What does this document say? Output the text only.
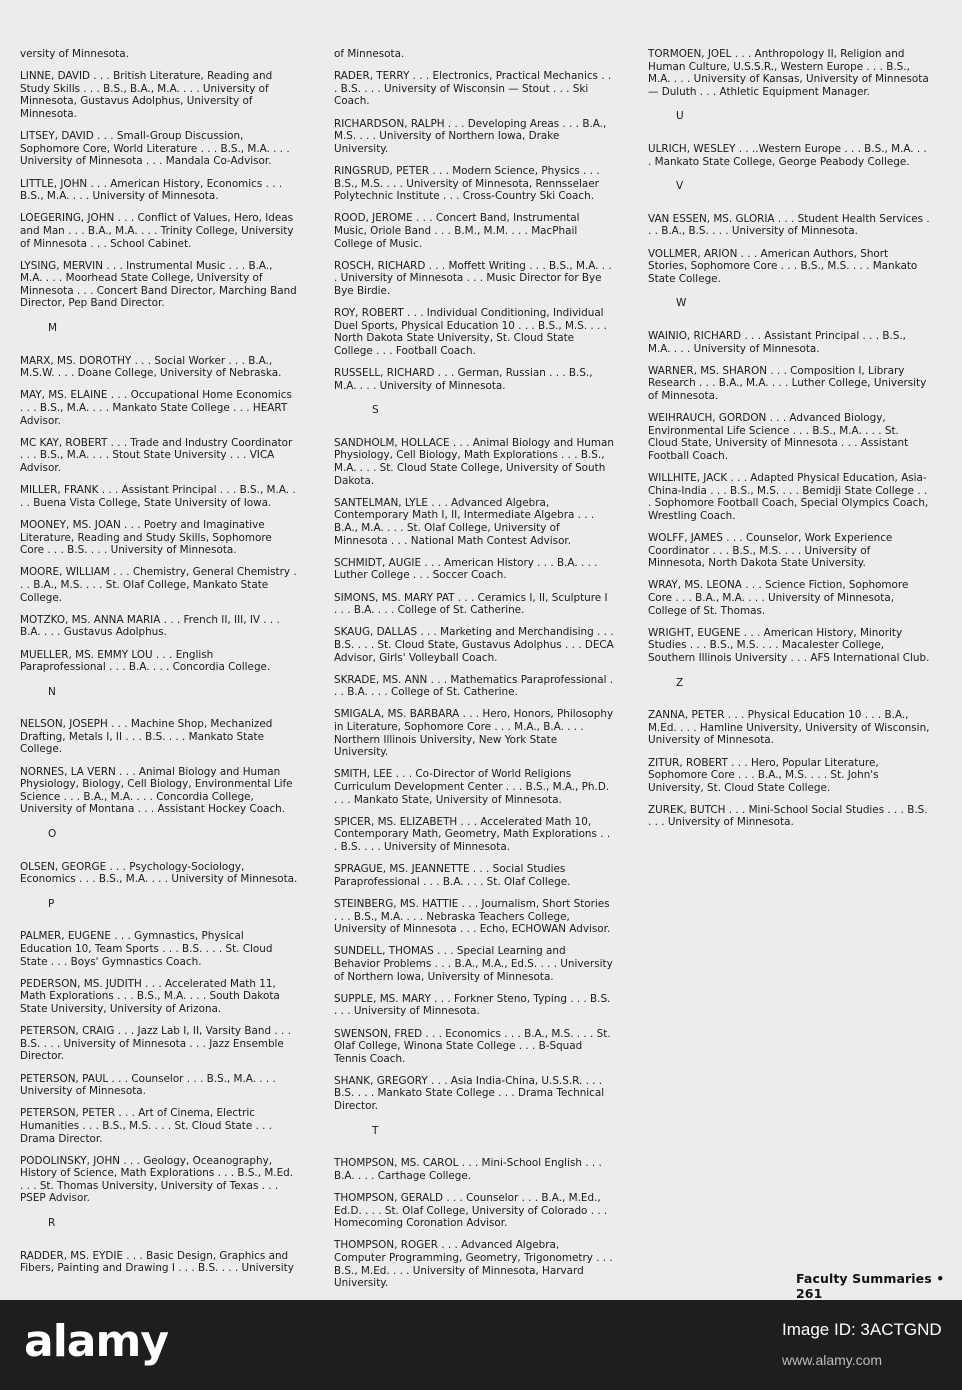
versity of Minnesota.
LINNE, DAVID . . . British Literature, Reading and Study Skills . . . B.S., B.A., M.A. . . . University of Minnesota, Gustavus Adolphus, University of Minnesota.
LITSEY, DAVID . . . Small-Group Discussion, Sophomore Core, World Literature . . . B.S., M.A. . . . University of Minnesota . . . Mandala Co-Advisor.
LITTLE, JOHN . . . American History, Economics . . . B.S., M.A. . . . University of Minnesota.
LOEGERING, JOHN . . . Conflict of Values, Hero, Ideas and Man . . . B.A., M.A. . . . Trinity College, University of Minnesota . . . School Cabinet.
LYSING, MERVIN . . . Instrumental Music . . . B.A., M.A. . . . Moorhead State College, University of Minnesota . . . Concert Band Director, Marching Band Director, Pep Band Director.
M
MARX, MS. DOROTHY . . . Social Worker . . . B.A., M.S.W. . . . Doane College, University of Nebraska.
MAY, MS. ELAINE . . . Occupational Home Economics . . . B.S., M.A. . . . Mankato State College . . . HEART Advisor.
MC KAY, ROBERT . . . Trade and Industry Coordinator . . . B.S., M.A. . . . Stout State University . . . VICA Advisor.
MILLER, FRANK . . . Assistant Principal . . . B.S., M.A. . . . Buena Vista College, State University of Iowa.
MOONEY, MS. JOAN . . . Poetry and Imaginative Literature, Reading and Study Skills, Sophomore Core . . . B.S. . . . University of Minnesota.
MOORE, WILLIAM . . . Chemistry, General Chemistry . . . B.A., M.S. . . . St. Olaf College, Mankato State College.
MOTZKO, MS. ANNA MARIA . . . French II, III, IV . . . B.A. . . . Gustavus Adolphus.
MUELLER, MS. EMMY LOU . . . English Paraprofessional . . . B.A. . . . Concordia College.
N
NELSON, JOSEPH . . . Machine Shop, Mechanized Drafting, Metals I, II . . . B.S. . . . Mankato State College.
NORNES, LA VERN . . . Animal Biology and Human Physiology, Biology, Cell Biology, Environmental Life Science . . . B.A., M.A. . . . Concordia College, University of Montana . . . Assistant Hockey Coach.
O
OLSEN, GEORGE . . . Psychology-Sociology, Economics . . . B.S., M.A. . . . University of Minnesota.
P
PALMER, EUGENE . . . Gymnastics, Physical Education 10, Team Sports . . . B.S. . . . St. Cloud State . . . Boys' Gymnastics Coach.
PEDERSON, MS. JUDITH . . . Accelerated Math 11, Math Explorations . . . B.S., M.A. . . . South Dakota State University, University of Arizona.
PETERSON, CRAIG . . . Jazz Lab I, II, Varsity Band . . . B.S. . . . University of Minnesota . . . Jazz Ensemble Director.
PETERSON, PAUL . . . Counselor . . . B.S., M.A. . . . University of Minnesota.
PETERSON, PETER . . . Art of Cinema, Electric Humanities . . . B.S., M.S. . . . St. Cloud State . . . Drama Director.
PODOLINSKY, JOHN . . . Geology, Oceanography, History of Science, Math Explorations . . . B.S., M.Ed. . . . St. Thomas University, University of Texas . . . PSEP Advisor.
R
RADDER, MS. EYDIE . . . Basic Design, Graphics and Fibers, Painting and Drawing I . . . B.S. . . . University
of Minnesota.
RADER, TERRY . . . Electronics, Practical Mechanics . . . B.S. . . . University of Wisconsin — Stout . . . Ski Coach.
RICHARDSON, RALPH . . . Developing Areas . . . B.A., M.S. . . . University of Northern Iowa, Drake University.
RINGSRUD, PETER . . . Modern Science, Physics . . . B.S., M.S. . . . University of Minnesota, Rennsselaer Polytechnic Institute . . . Cross-Country Ski Coach.
ROOD, JEROME . . . Concert Band, Instrumental Music, Oriole Band . . . B.M., M.M. . . . MacPhail College of Music.
ROSCH, RICHARD . . . Moffett Writing . . . B.S., M.A. . . . University of Minnesota . . . Music Director for Bye Bye Birdie.
ROY, ROBERT . . . Individual Conditioning, Individual Duel Sports, Physical Education 10 . . . B.S., M.S. . . . North Dakota State University, St. Cloud State College . . . Football Coach.
RUSSELL, RICHARD . . . German, Russian . . . B.S., M.A. . . . University of Minnesota.
S
SANDHOLM, HOLLACE . . . Animal Biology and Human Physiology, Cell Biology, Math Explorations . . . B.S., M.A. . . . St. Cloud State College, University of South Dakota.
SANTELMAN, LYLE . . . Advanced Algebra, Contemporary Math I, II, Intermediate Algebra . . . B.A., M.A. . . . St. Olaf College, University of Minnesota . . . National Math Contest Advisor.
SCHMIDT, AUGIE . . . American History . . . B.A. . . . Luther College . . . Soccer Coach.
SIMONS, MS. MARY PAT . . . Ceramics I, II, Sculpture I . . . B.A. . . . College of St. Catherine.
SKAUG, DALLAS . . . Marketing and Merchandising . . . B.S. . . . St. Cloud State, Gustavus Adolphus . . . DECA Advisor, Girls' Volleyball Coach.
SKRADE, MS. ANN . . . Mathematics Paraprofessional . . . B.A. . . . College of St. Catherine.
SMIGALA, MS. BARBARA . . . Hero, Honors, Philosophy in Literature, Sophomore Core . . . M.A., B.A. . . . Northern Illinois University, New York State University.
SMITH, LEE . . . Co-Director of World Religions Curriculum Development Center . . . B.S., M.A., Ph.D. . . . Mankato State, University of Minnesota.
SPICER, MS. ELIZABETH . . . Accelerated Math 10, Contemporary Math, Geometry, Math Explorations . . . B.S. . . . University of Minnesota.
SPRAGUE, MS. JEANNETTE . . . Social Studies Paraprofessional . . . B.A. . . . St. Olaf College.
STEINBERG, MS. HATTIE . . . Journalism, Short Stories . . . B.S., M.A. . . . Nebraska Teachers College, University of Minnesota . . . Echo, ECHOWAN Advisor.
SUNDELL, THOMAS . . . Special Learning and Behavior Problems . . . B.A., M.A., Ed.S. . . . University of Northern Iowa, University of Minnesota.
SUPPLE, MS. MARY . . . Forkner Steno, Typing . . . B.S. . . . University of Minnesota.
SWENSON, FRED . . . Economics . . . B.A., M.S. . . . St. Olaf College, Winona State College . . . B-Squad Tennis Coach.
SHANK, GREGORY . . . Asia India-China, U.S.S.R. . . . B.S. . . . Mankato State College . . . Drama Technical Director.
T
THOMPSON, MS. CAROL . . . Mini-School English . . . B.A. . . . Carthage College.
THOMPSON, GERALD . . . Counselor . . . B.A., M.Ed., Ed.D. . . . St. Olaf College, University of Colorado . . . Homecoming Coronation Advisor.
THOMPSON, ROGER . . . Advanced Algebra, Computer Programming, Geometry, Trigonometry . . . B.S., M.Ed. . . . University of Minnesota, Harvard University.
TORMOEN, JOEL . . . Anthropology II, Religion and Human Culture, U.S.S.R., Western Europe . . . B.S., M.A. . . . University of Kansas, University of Minnesota — Duluth . . . Athletic Equipment Manager.
U
ULRICH, WESLEY . . ..Western Europe . . . B.S., M.A. . . . Mankato State College, George Peabody College.
V
VAN ESSEN, MS. GLORIA . . . Student Health Services . . . B.A., B.S. . . . University of Minnesota.
VOLLMER, ARION . . . American Authors, Short Stories, Sophomore Core . . . B.S., M.S. . . . Mankato State College.
W
WAINIO, RICHARD . . . Assistant Principal . . . B.S., M.A. . . . University of Minnesota.
WARNER, MS. SHARON . . . Composition I, Library Research . . . B.A., M.A. . . . Luther College, University of Minnesota.
WEIHRAUCH, GORDON . . . Advanced Biology, Environmental Life Science . . . B.S., M.A. . . . St. Cloud State, University of Minnesota . . . Assistant Football Coach.
WILLHITE, JACK . . . Adapted Physical Education, Asia-China-India . . . B.S., M.S. . . . Bemidji State College . . . Sophomore Football Coach, Special Olympics Coach, Wrestling Coach.
WOLFF, JAMES . . . Counselor, Work Experience Coordinator . . . B.S., M.S. . . . University of Minnesota, North Dakota State University.
WRAY, MS. LEONA . . . Science Fiction, Sophomore Core . . . B.A., M.A. . . . University of Minnesota, College of St. Thomas.
WRIGHT, EUGENE . . . American History, Minority Studies . . . B.S., M.S. . . . Macalester College, Southern Illinois University . . . AFS International Club.
Z
ZANNA, PETER . . . Physical Education 10 . . . B.A., M.Ed. . . . Hamline University, University of Wisconsin, University of Minnesota.
ZITUR, ROBERT . . . Hero, Popular Literature, Sophomore Core . . . B.A., M.S. . . . St. John's University, St. Cloud State College.
ZUREK, BUTCH . . . Mini-School Social Studies . . . B.S. . . . University of Minnesota.
Faculty Summaries • 261
alamy	Image ID: 3ACTGND
www.alamy.com
